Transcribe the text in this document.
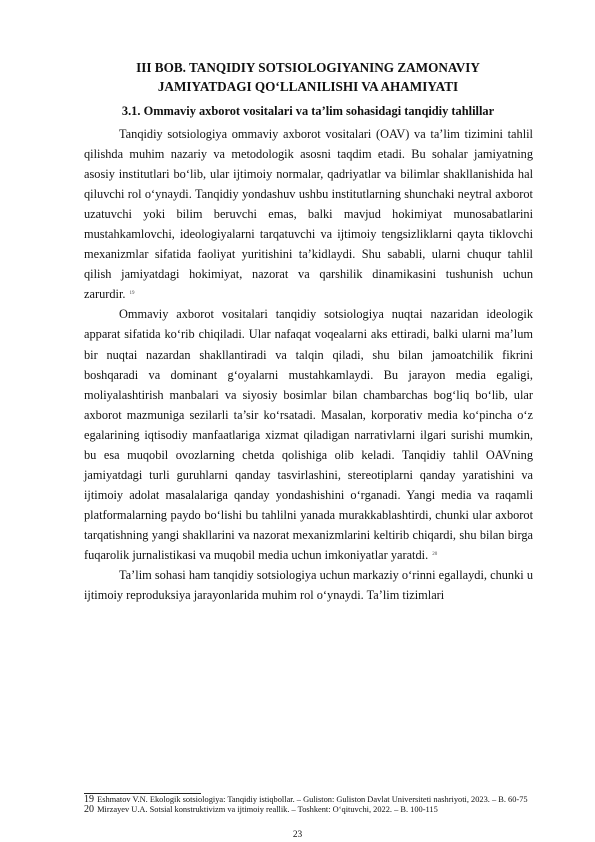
III BOB. TANQIDIY SOTSIOLOGIYANING ZAMONAVIY
JAMIYATDAGI QO‘LLANILISHI VA AHAMIYATI
3.1. Ommaviy axborot vositalari va ta’lim sohasidagi tanqidiy tahlillar

Tanqidiy sotsiologiya ommaviy axborot vositalari (OAV) va ta’lim tizimini tahlil qilishda muhim nazariy va metodologik asosni taqdim etadi. Bu sohalar jamiyatning asosiy institutlari bo‘lib, ular ijtimoiy normalar, qadriyatlar va bilimlar shakllanishida hal qiluvchi rol o‘ynaydi. Tanqidiy yondashuv ushbu institutlarning shunchaki neytral axborot uzatuvchi yoki bilim beruvchi emas, balki mavjud hokimiyat munosabatlarini mustahkamlovchi, ideologiyalarni tarqatuvchi va ijtimoiy tengsizliklarni qayta tiklovchi mexanizmlar sifatida faoliyat yuritishini ta’kidlaydi. Shu sababli, ularni chuqur tahlil qilish jamiyatdagi hokimiyat, nazorat va qarshilik dinamikasini tushunish uchun zarurdir. $^{19}$

Ommaviy axborot vositalari tanqidiy sotsiologiya nuqtai nazaridan ideologik apparat sifatida ko‘rib chiqiladi. Ular nafaqat voqealarni aks ettiradi, balki ularni ma’lum bir nuqtai nazardan shakllantiradi va talqin qiladi, shu bilan jamoatchilik fikrini boshqaradi va dominant g‘oyalarni mustahkamlaydi. Bu jarayon media egaligi, moliyalashtirish manbalari va siyosiy bosimlar bilan chambarchas bog‘liq bo‘lib, ular axborot mazmuniga sezilarli ta’sir ko‘rsatadi. Masalan, korporativ media ko‘pincha o‘z egalarining iqtisodiy manfaatlariga xizmat qiladigan narrativlarni ilgari surishi mumkin, bu esa muqobil ovozlarning chetda qolishiga olib keladi. Tanqidiy tahlil OAVning jamiyatdagi turli guruhlarni qanday tasvirlashini, stereotiplarni qanday yaratishini va ijtimoiy adolat masalalariga qanday yondashishini o‘rganadi. Yangi media va raqamli platformalarning paydo bo‘lishi bu tahlilni yanada murakkablashtirdi, chunki ular axborot tarqatishning yangi shakllarini va nazorat mexanizmlarini keltirib chiqardi, shu bilan birga fuqarolik jurnalistikasi va muqobil media uchun imkoniyatlar yaratdi. $^{20}$

Ta’lim sohasi ham tanqidiy sotsiologiya uchun markaziy o‘rinni egallaydi, chunki u ijtimoiy reproduksiya jarayonlarida muhim rol o‘ynaydi. Ta’lim tizimlari

19 Eshmatov V.N. Ekologik sotsiologiya: Tanqidiy istiqbollar. – Guliston: Guliston Davlat Universiteti nashriyoti, 2023. – B. 60-75
20 Mirzayev U.A. Sotsial konstruktivizm va ijtimoiy reallik. – Toshkent: O‘qituvchi, 2022. – B. 100-115
23
